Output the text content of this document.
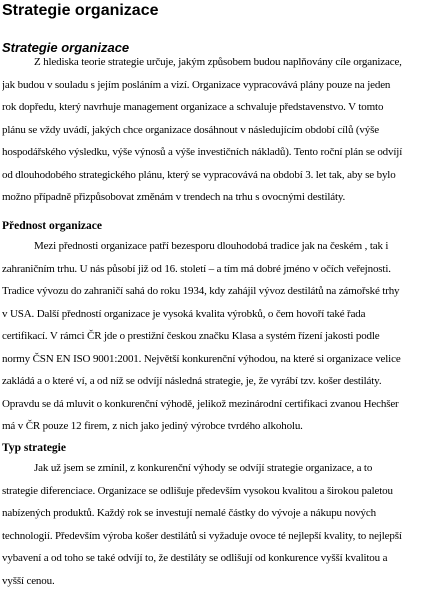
Strategie organizace
Strategie organizace
Z hlediska teorie strategie určuje, jakým způsobem budou naplňovány cíle organizace,
jak budou v souladu s jejím posláním a vizí. Organizace vypracovává plány pouze na jeden
rok dopředu, který navrhuje management organizace a schvaluje představenstvo. V tomto
plánu se vždy uvádí, jakých chce organizace dosáhnout v následujícím období cílů (výše
hospodářského výsledku, výše výnosů a výše investičních nákladů). Tento roční plán se odvíjí
od dlouhodobého strategického plánu, který se vypracovává na období 3. let tak, aby se bylo
možno případně přizpůsobovat změnám v trendech na trhu s ovocnými destiláty.
Přednost organizace
Mezi přednosti organizace patří bezesporu dlouhodobá tradice jak na českém , tak i
zahraničním trhu. U nás působí již od 16. století – a tím má dobré jméno v očích veřejnosti.
Tradice vývozu do zahraničí sahá do roku 1934, kdy zahájil vývoz destilátů na zámořské trhy
v USA. Další předností organizace je vysoká kvalita výrobků, o čem hovoří také řada
certifikací. V rámci ČR jde o prestižní českou značku Klasa a systém řízení jakosti podle
normy ČSN EN ISO 9001:2001. Největší konkurenční výhodou, na které si organizace velice
zakládá a o které ví, a od níž se odvíjí následná strategie, je, že vyrábí tzv. košer destiláty.
Opravdu se dá mluvit o konkurenční výhodě, jelikož mezinárodní certifikaci zvanou Hechšer
má v ČR pouze 12 firem, z nich jako jediný výrobce tvrdého alkoholu.
Typ strategie
Jak už jsem se zmínil, z konkurenční výhody se odvíjí strategie organizace, a to
strategie diferenciace. Organizace se odlišuje především vysokou kvalitou a širokou paletou
nabízených produktů. Každý rok se investují nemalé částky do vývoje a nákupu nových
technologií. Především výroba košer destilátů si vyžaduje ovoce té nejlepší kvality, to nejlepší
vybavení a od toho se také odvíjí to, že destiláty se odlišují od konkurence vyšší kvalitou a
vyšší cenou.
